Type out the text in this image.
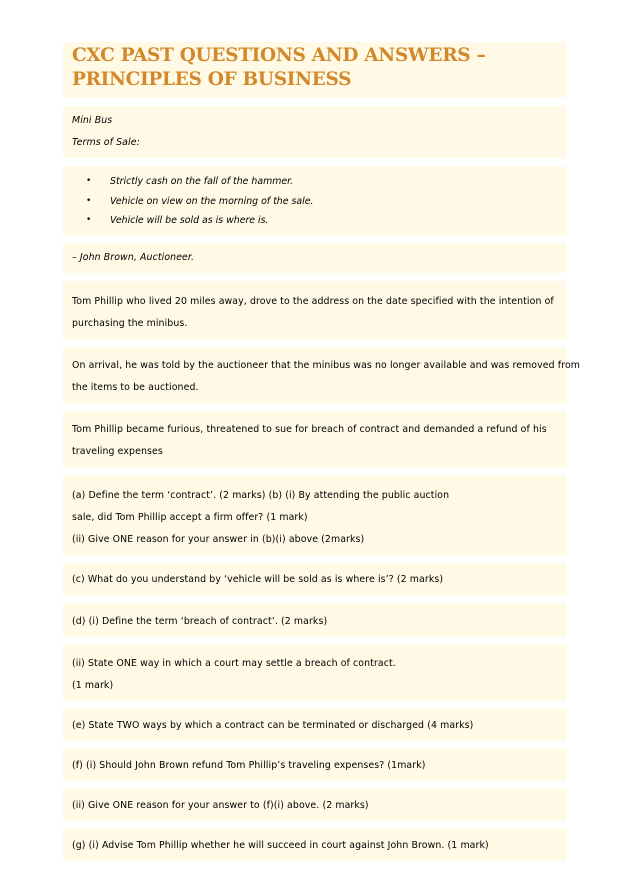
CXC PAST QUESTIONS AND ANSWERS –
PRINCIPLES OF BUSINESS
Mini Bus
Terms of Sale:
•	Strictly cash on the fall of the hammer.
•	Vehicle on view on the morning of the sale.
•	Vehicle will be sold as is where is.
– John Brown, Auctioneer.
Tom Phillip who lived 20 miles away, drove to the address on the date specified with the intention of
purchasing the minibus.
On arrival, he was told by the auctioneer that the minibus was no longer available and was removed from
the items to be auctioned.
Tom Phillip became furious, threatened to sue for breach of contract and demanded a refund of his
traveling expenses
(a) Define the term ‘contract’. (2 marks) (b) (i) By attending the public auction
sale, did Tom Phillip accept a firm offer? (1 mark)
(ii) Give ONE reason for your answer in (b)(i) above (2marks)
(c) What do you understand by ‘vehicle will be sold as is where is’? (2 marks)
(d) (i) Define the term ‘breach of contract’. (2 marks)
(ii) State ONE way in which a court may settle a breach of contract.
(1 mark)
(e) State TWO ways by which a contract can be terminated or discharged (4 marks)
(f) (i) Should John Brown refund Tom Phillip’s traveling expenses? (1mark)
(ii) Give ONE reason for your answer to (f)(i) above. (2 marks)
(g) (i) Advise Tom Phillip whether he will succeed in court against John Brown. (1 mark)
